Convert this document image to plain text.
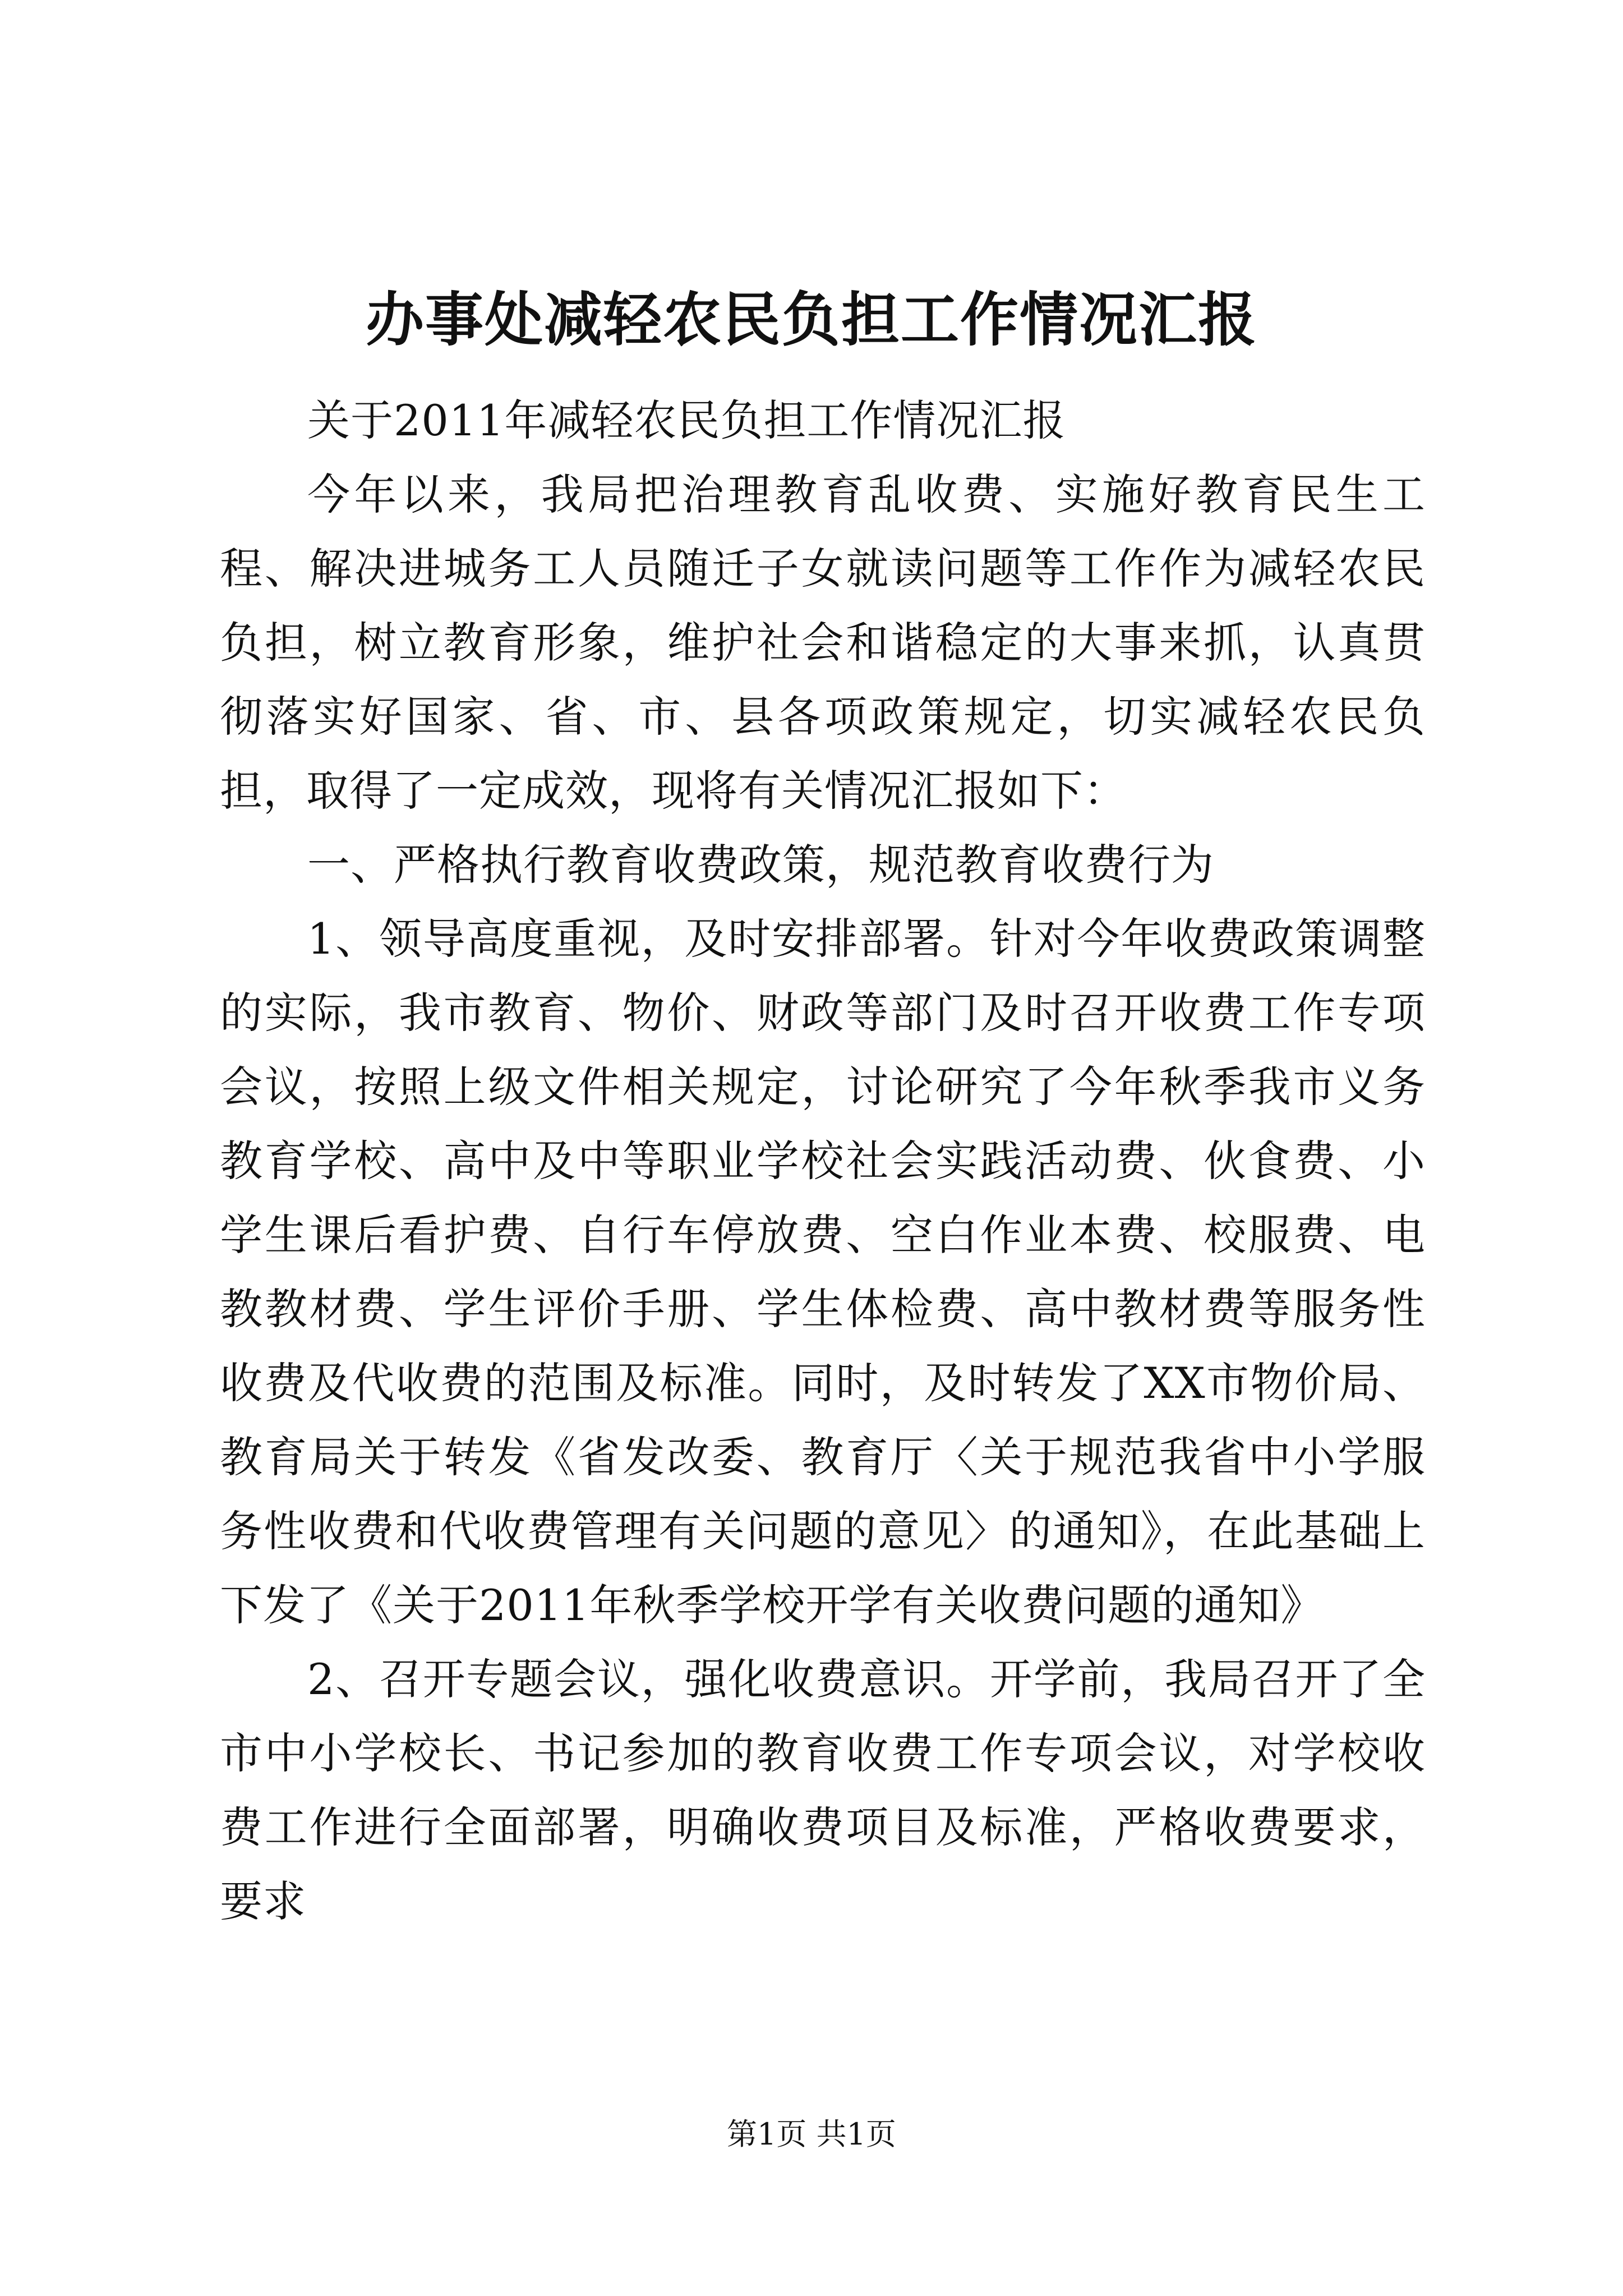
办事处减轻农民负担工作情况汇报

关于2011年减轻农民负担工作情况汇报

今年以来，我局把治理教育乱收费、实施好教育民生工程、解决进城务工人员随迁子女就读问题等工作作为减轻农民负担，树立教育形象，维护社会和谐稳定的大事来抓，认真贯彻落实好国家、省、市、县各项政策规定，切实减轻农民负担，取得了一定成效，现将有关情况汇报如下：

一、严格执行教育收费政策，规范教育收费行为

1、领导高度重视，及时安排部署。针对今年收费政策调整的实际，我市教育、物价、财政等部门及时召开收费工作专项会议，按照上级文件相关规定，讨论研究了今年秋季我市义务教育学校、高中及中等职业学校社会实践活动费、伙食费、小学生课后看护费、自行车停放费、空白作业本费、校服费、电教教材费、学生评价手册、学生体检费、高中教材费等服务性收费及代收费的范围及标准。同时，及时转发了XX市物价局、教育局关于转发《省发改委、教育厅〈关于规范我省中小学服务性收费和代收费管理有关问题的意见〉的通知》，在此基础上下发了《关于2011年秋季学校开学有关收费问题的通知》

2、召开专题会议，强化收费意识。开学前，我局召开了全市中小学校长、书记参加的教育收费工作专项会议，对学校收费工作进行全面部署，明确收费项目及标准，严格收费要求，要求

第1页 共1页
